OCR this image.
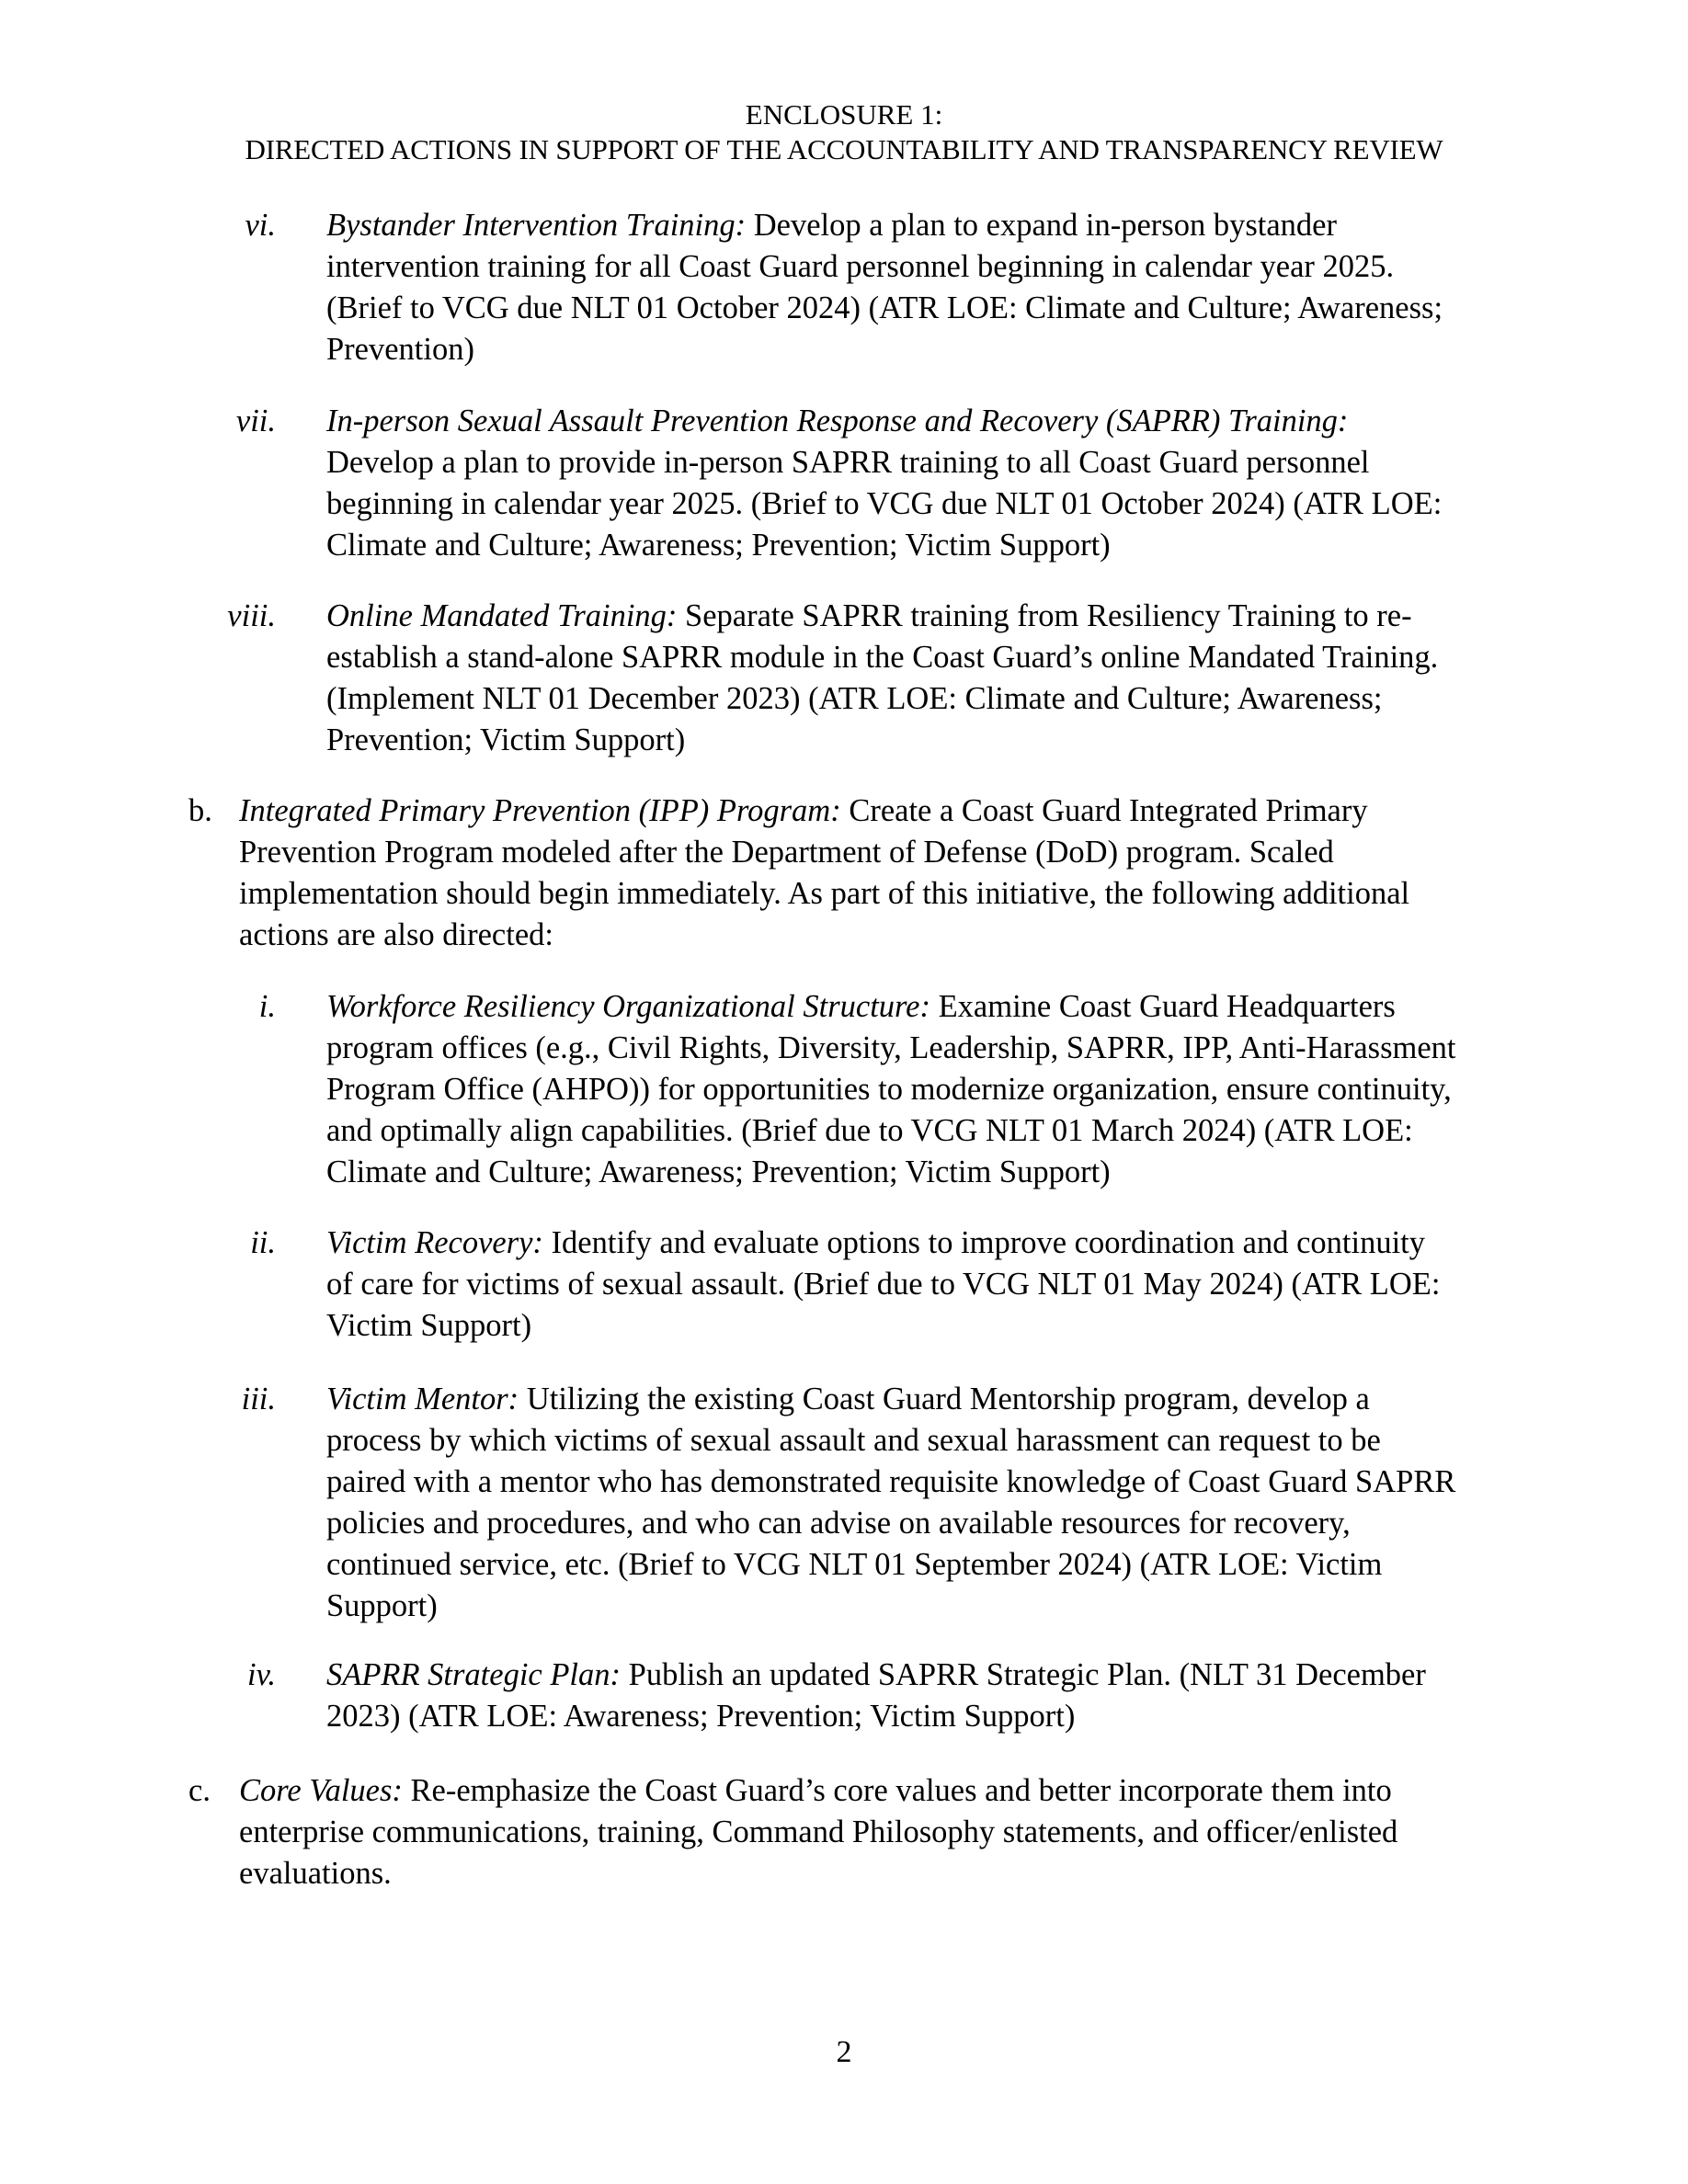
ENCLOSURE 1:
DIRECTED ACTIONS IN SUPPORT OF THE ACCOUNTABILITY AND TRANSPARENCY REVIEW
vi. Bystander Intervention Training: Develop a plan to expand in-person bystander
intervention training for all Coast Guard personnel beginning in calendar year 2025.
(Brief to VCG due NLT 01 October 2024) (ATR LOE: Climate and Culture; Awareness;
Prevention)
vii. In-person Sexual Assault Prevention Response and Recovery (SAPRR) Training:
Develop a plan to provide in-person SAPRR training to all Coast Guard personnel
beginning in calendar year 2025. (Brief to VCG due NLT 01 October 2024) (ATR LOE:
Climate and Culture; Awareness; Prevention; Victim Support)
viii. Online Mandated Training: Separate SAPRR training from Resiliency Training to re-
establish a stand-alone SAPRR module in the Coast Guard’s online Mandated Training.
(Implement NLT 01 December 2023) (ATR LOE: Climate and Culture; Awareness;
Prevention; Victim Support)
b. Integrated Primary Prevention (IPP) Program: Create a Coast Guard Integrated Primary
Prevention Program modeled after the Department of Defense (DoD) program. Scaled
implementation should begin immediately. As part of this initiative, the following additional
actions are also directed:
i. Workforce Resiliency Organizational Structure: Examine Coast Guard Headquarters
program offices (e.g., Civil Rights, Diversity, Leadership, SAPRR, IPP, Anti-Harassment
Program Office (AHPO)) for opportunities to modernize organization, ensure continuity,
and optimally align capabilities. (Brief due to VCG NLT 01 March 2024) (ATR LOE:
Climate and Culture; Awareness; Prevention; Victim Support)
ii. Victim Recovery: Identify and evaluate options to improve coordination and continuity
of care for victims of sexual assault. (Brief due to VCG NLT 01 May 2024) (ATR LOE:
Victim Support)
iii. Victim Mentor: Utilizing the existing Coast Guard Mentorship program, develop a
process by which victims of sexual assault and sexual harassment can request to be
paired with a mentor who has demonstrated requisite knowledge of Coast Guard SAPRR
policies and procedures, and who can advise on available resources for recovery,
continued service, etc. (Brief to VCG NLT 01 September 2024) (ATR LOE: Victim
Support)
iv. SAPRR Strategic Plan: Publish an updated SAPRR Strategic Plan. (NLT 31 December
2023) (ATR LOE: Awareness; Prevention; Victim Support)
c. Core Values: Re-emphasize the Coast Guard’s core values and better incorporate them into
enterprise communications, training, Command Philosophy statements, and officer/enlisted
evaluations.
2
